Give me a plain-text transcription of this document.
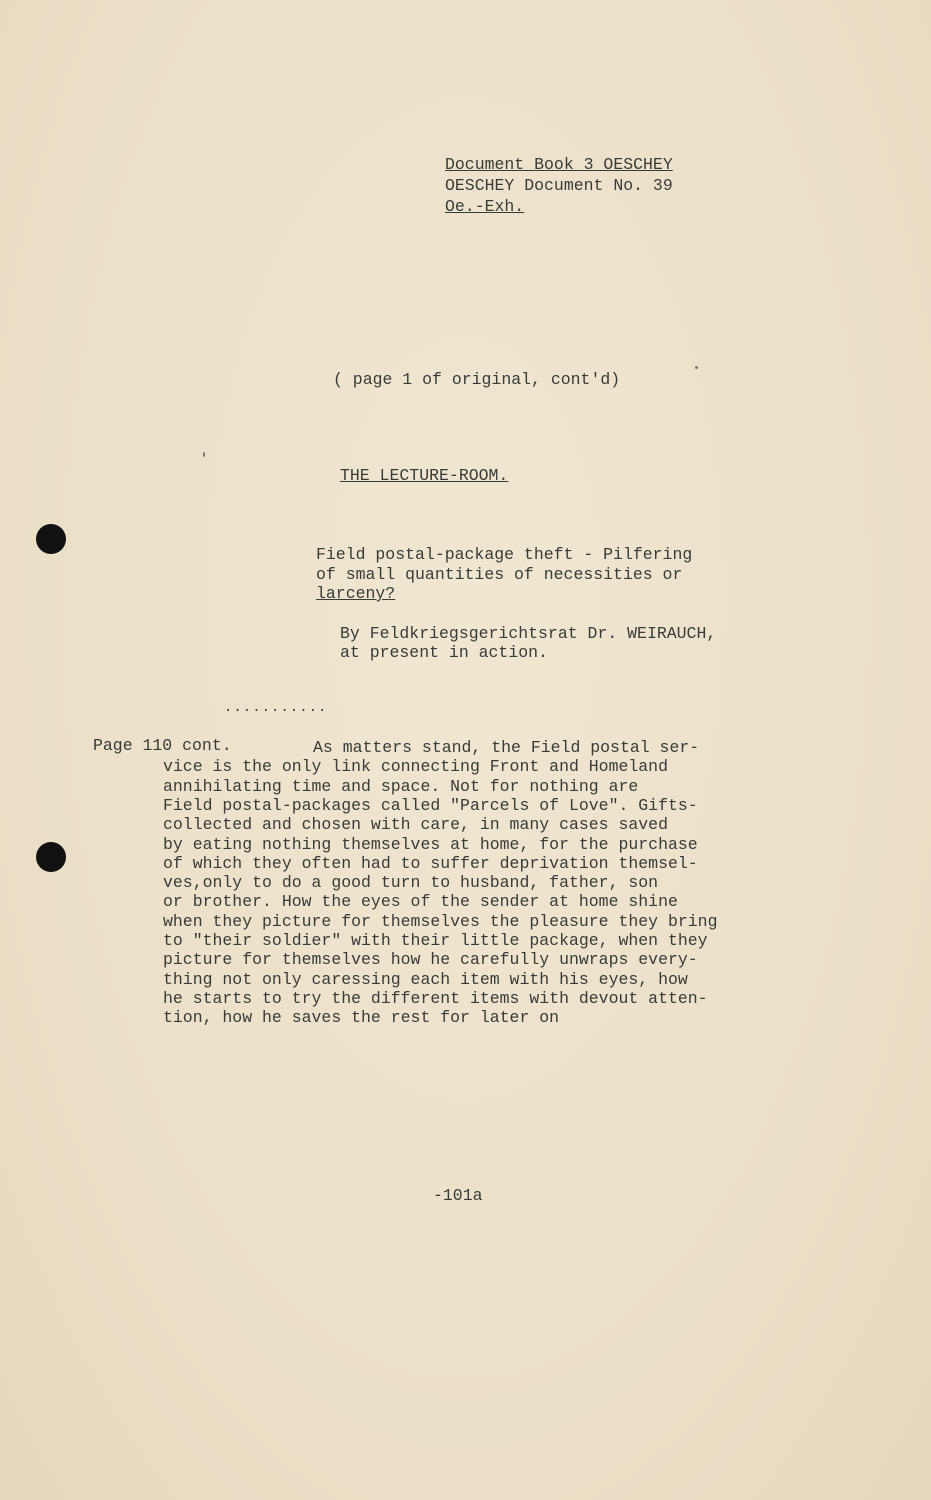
Document Book 3 OESCHEY
OESCHEY Document No. 39
Oe.-Exh.
( page 1 of original, cont'd)
THE LECTURE-ROOM.
Field postal-package theft - Pilfering
of small quantities of necessities or
larceny?
By Feldkriegsgerichtsrat Dr. WEIRAUCH,
at present in action.
...........
Page 110 cont.	As matters stand, the Field postal ser-
vice is the only link connecting Front and Homeland
annihilating time and space. Not for nothing are
Field postal-packages called "Parcels of Love". Gifts-
collected and chosen with care, in many cases saved
by eating nothing themselves at home, for the purchase
of which they often had to suffer deprivation themsel-
ves,only to do a good turn to husband, father, son
or brother. How the eyes of the sender at home shine
when they picture for themselves the pleasure they bring
to "their soldier" with their little package, when they
picture for themselves how he carefully unwraps every-
thing not only caressing each item with his eyes, how
he starts to try the different items with devout atten-
tion, how he saves the rest for later on
-101a
